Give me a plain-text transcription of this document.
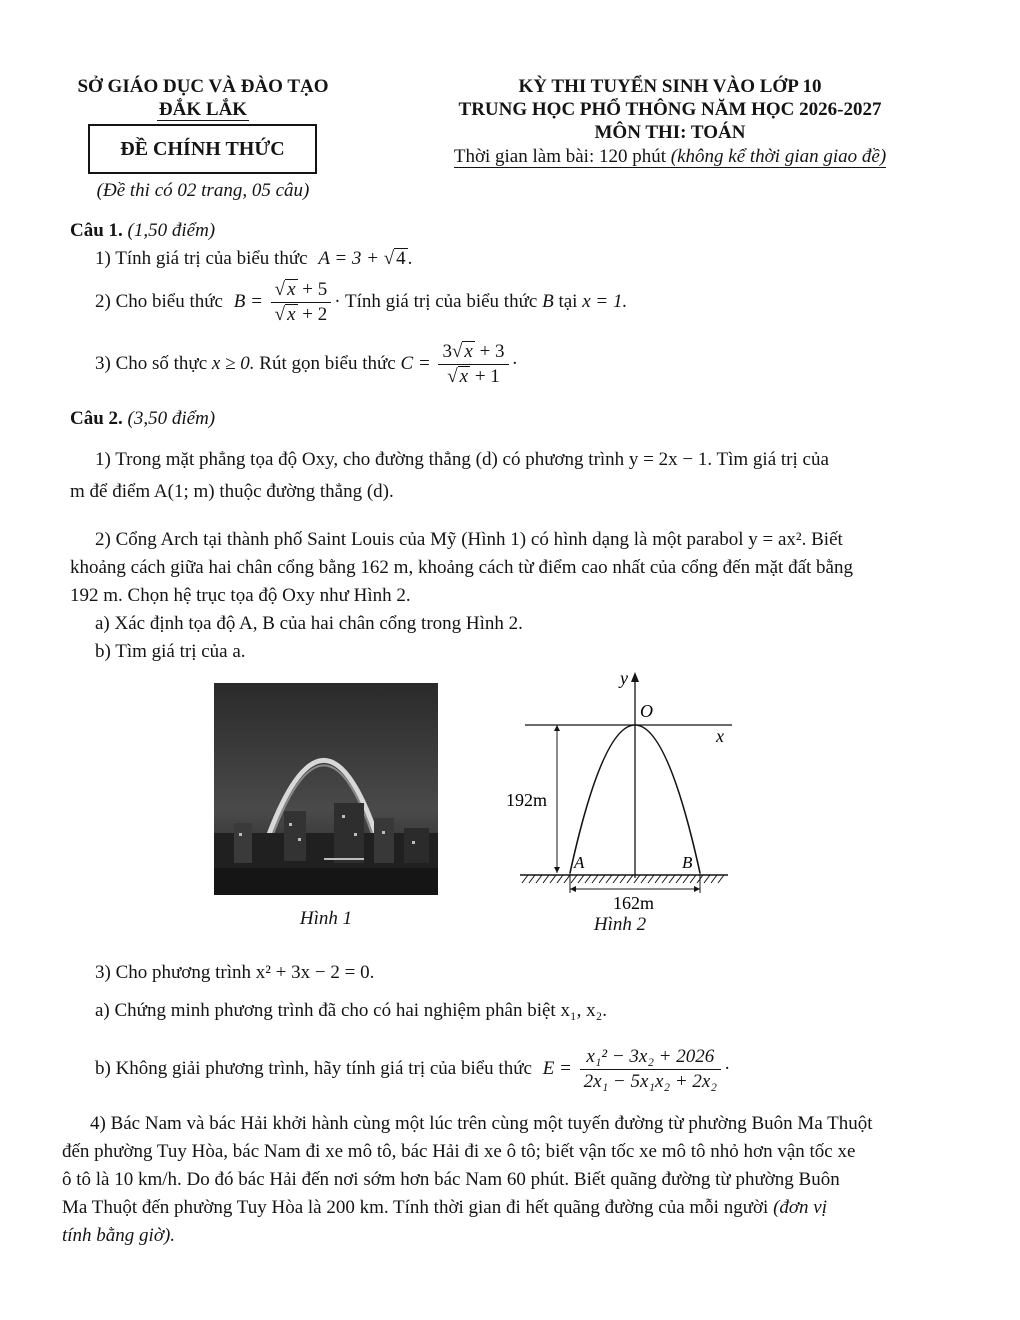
SỞ GIÁO DỤC VÀ ĐÀO TẠO
ĐẮK LẮK
ĐỀ CHÍNH THỨC
(Đề thi có 02 trang, 05 câu)
KỲ THI TUYỂN SINH VÀO LỚP 10
TRUNG HỌC PHỔ THÔNG NĂM HỌC 2026-2027
MÔN THI: TOÁN
Thời gian làm bài: 120 phút (không kể thời gian giao đề)
Câu 1. (1,50 điểm)
1) Tính giá trị của biểu thức A = 3 + √ 4 .
2) Cho biểu thức $B = \frac{√ x + 5}{√ x + 2}$ · Tính giá trị của biểu thức B tại x = 1.
3) Cho số thực x ≥ 0. Rút gọn biểu thức $C = \frac{3√ x + 3}{√ x + 1}$ ·
Câu 2. (3,50 điểm)
1) Trong mặt phẳng tọa độ Oxy, cho đường thẳng (d) có phương trình y = 2x − 1. Tìm giá trị của
m để điểm A(1; m) thuộc đường thẳng (d).
2) Cổng Arch tại thành phố Saint Louis của Mỹ (Hình 1) có hình dạng là một parabol y = ax². Biết
khoảng cách giữa hai chân cổng bằng 162 m, khoảng cách từ điểm cao nhất của cổng đến mặt đất bằng
192 m. Chọn hệ trục tọa độ Oxy như Hình 2.
a) Xác định tọa độ A, B của hai chân cổng trong Hình 2.
b) Tìm giá trị của a.
Hình 1
y
O
x
192m
A	B
162m
Hình 2
3) Cho phương trình x² + 3x − 2 = 0.
a) Chứng minh phương trình đã cho có hai nghiệm phân biệt x₁, x₂.
b) Không giải phương trình, hãy tính giá trị của biểu thức $E = \frac{\text{x₁² − 3x₂ + 2026}}{\text{2x₁ − 5x₁x₂ + 2x₂}}$ ·
4) Bác Nam và bác Hải khởi hành cùng một lúc trên cùng một tuyến đường từ phường Buôn Ma Thuột
đến phường Tuy Hòa, bác Nam đi xe mô tô, bác Hải đi xe ô tô; biết vận tốc xe mô tô nhỏ hơn vận tốc xe
ô tô là 10 km/h. Do đó bác Hải đến nơi sớm hơn bác Nam 60 phút. Biết quãng đường từ phường Buôn
Ma Thuột đến phường Tuy Hòa là 200 km. Tính thời gian đi hết quãng đường của mỗi người (đơn vị
tính bằng giờ).
